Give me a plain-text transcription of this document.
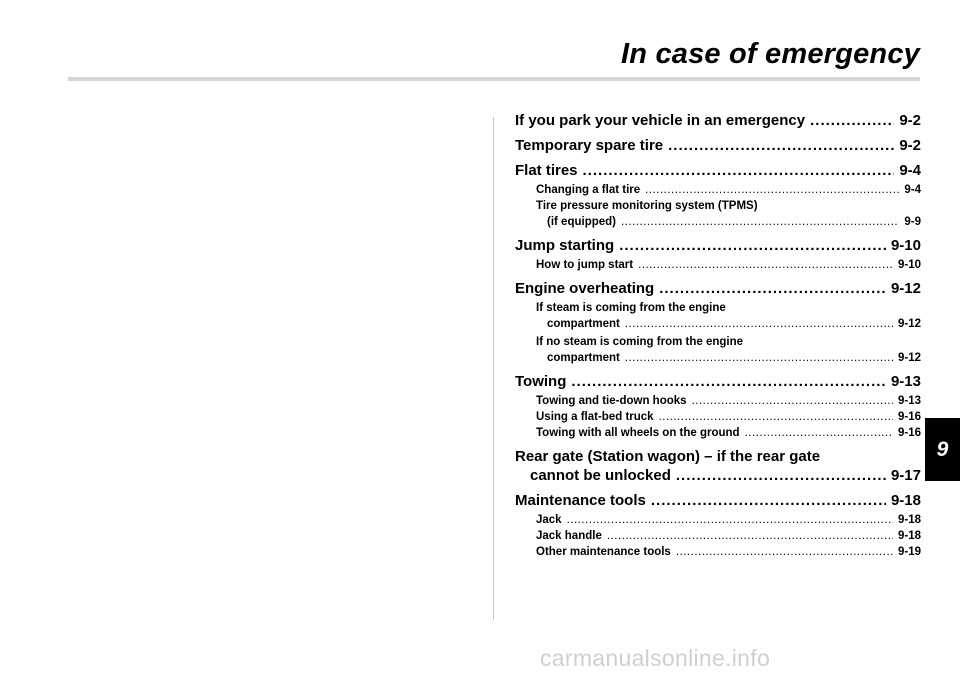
In case of emergency
If you park your vehicle in an emergency .....	9-2
Temporary spare tire .....	9-2
Flat tires .....	9-4
Changing a flat tire .....	9-4
Tire pressure monitoring system (TPMS)
(if equipped) .....	9-9
Jump starting .....	9-10
How to jump start .....	9-10
Engine overheating .....	9-12
If steam is coming from the engine
compartment .....	9-12
If no steam is coming from the engine
compartment .....	9-12
Towing .....	9-13
Towing and tie-down hooks .....	9-13
Using a flat-bed truck .....	9-16
Towing with all wheels on the ground .....	9-16
Rear gate (Station wagon) – if the rear gate
cannot be unlocked .....	9-17
Maintenance tools .....	9-18
Jack .....	9-18
Jack handle .....	9-18
Other maintenance tools .....	9-19
9
carmanualsonline.info
